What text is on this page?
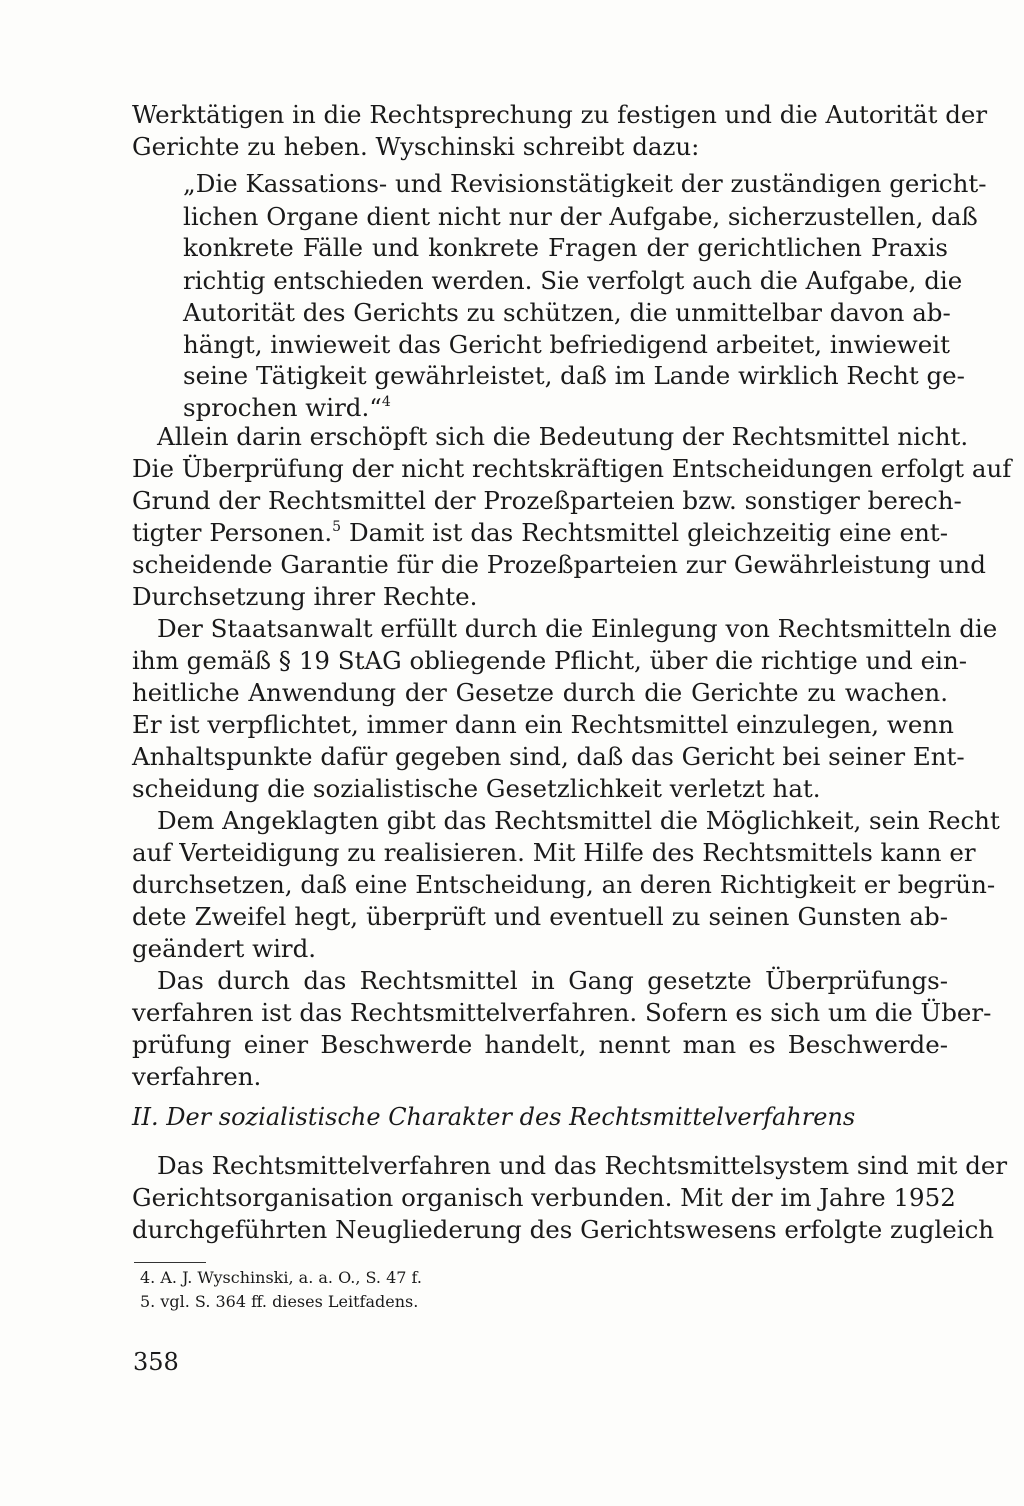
Werktätigen in die Rechtsprechung zu festigen und die Autorität der
Gerichte zu heben. Wyschinski schreibt dazu:
„Die Kassations- und Revisionstätigkeit der zuständigen gericht-
lichen Organe dient nicht nur der Aufgabe, sicherzustellen, daß
konkrete Fälle und konkrete Fragen der gerichtlichen Praxis
richtig entschieden werden. Sie verfolgt auch die Aufgabe, die
Autorität des Gerichts zu schützen, die unmittelbar davon ab-
hängt, inwieweit das Gericht befriedigend arbeitet, inwieweit
seine Tätigkeit gewährleistet, daß im Lande wirklich Recht ge-
sprochen wird.“$^4$
Allein darin erschöpft sich die Bedeutung der Rechtsmittel nicht.
Die Überprüfung der nicht rechtskräftigen Entscheidungen erfolgt auf
Grund der Rechtsmittel der Prozeßparteien bzw. sonstiger berech-
tigter Personen.$^5$ Damit ist das Rechtsmittel gleichzeitig eine ent-
scheidende Garantie für die Prozeßparteien zur Gewährleistung und
Durchsetzung ihrer Rechte.
Der Staatsanwalt erfüllt durch die Einlegung von Rechtsmitteln die
ihm gemäß § 19 StAG obliegende Pflicht, über die richtige und ein-
heitliche Anwendung der Gesetze durch die Gerichte zu wachen.
Er ist verpflichtet, immer dann ein Rechtsmittel einzulegen, wenn
Anhaltspunkte dafür gegeben sind, daß das Gericht bei seiner Ent-
scheidung die sozialistische Gesetzlichkeit verletzt hat.
Dem Angeklagten gibt das Rechtsmittel die Möglichkeit, sein Recht
auf Verteidigung zu realisieren. Mit Hilfe des Rechtsmittels kann er
durchsetzen, daß eine Entscheidung, an deren Richtigkeit er begrün-
dete Zweifel hegt, überprüft und eventuell zu seinen Gunsten ab-
geändert wird.
Das durch das Rechtsmittel in Gang gesetzte Überprüfungs-
verfahren ist das Rechtsmittelverfahren. Sofern es sich um die Über-
prüfung einer Beschwerde handelt, nennt man es Beschwerde-
verfahren.
II. Der sozialistische Charakter des Rechtsmittelverfahrens
Das Rechtsmittelverfahren und das Rechtsmittelsystem sind mit der
Gerichtsorganisation organisch verbunden. Mit der im Jahre 1952
durchgeführten Neugliederung des Gerichtswesens erfolgte zugleich
4. A. J. Wyschinski, a. a. O., S. 47 f.
5. vgl. S. 364 ff. dieses Leitfadens.
358
